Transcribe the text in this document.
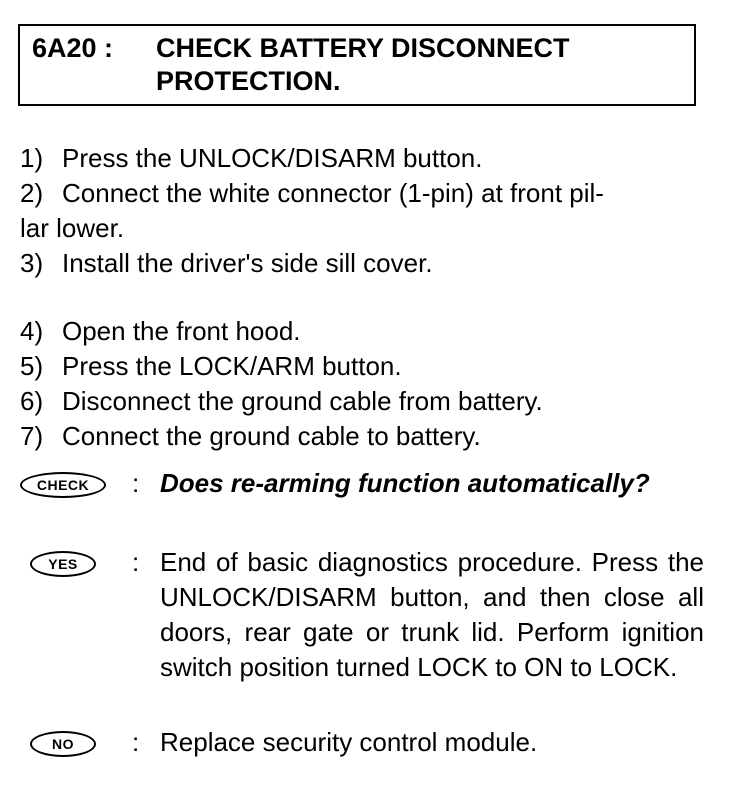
6A20 : CHECK BATTERY DISCONNECT
PROTECTION.
1) Press the UNLOCK/DISARM button.
2) Connect the white connector (1-pin) at front pil-
lar lower.
3) Install the driver's side sill cover.
4) Open the front hood.
5) Press the LOCK/ARM button.
6) Disconnect the ground cable from battery.
7) Connect the ground cable to battery.
CHECK	: Does re-arming function automatically?
YES	: End of basic diagnostics procedure. Press the UNLOCK/DISARM button, and then close all doors, rear gate or trunk lid. Perform ignition switch position turned LOCK to ON to LOCK.
NO	: Replace security control module.
